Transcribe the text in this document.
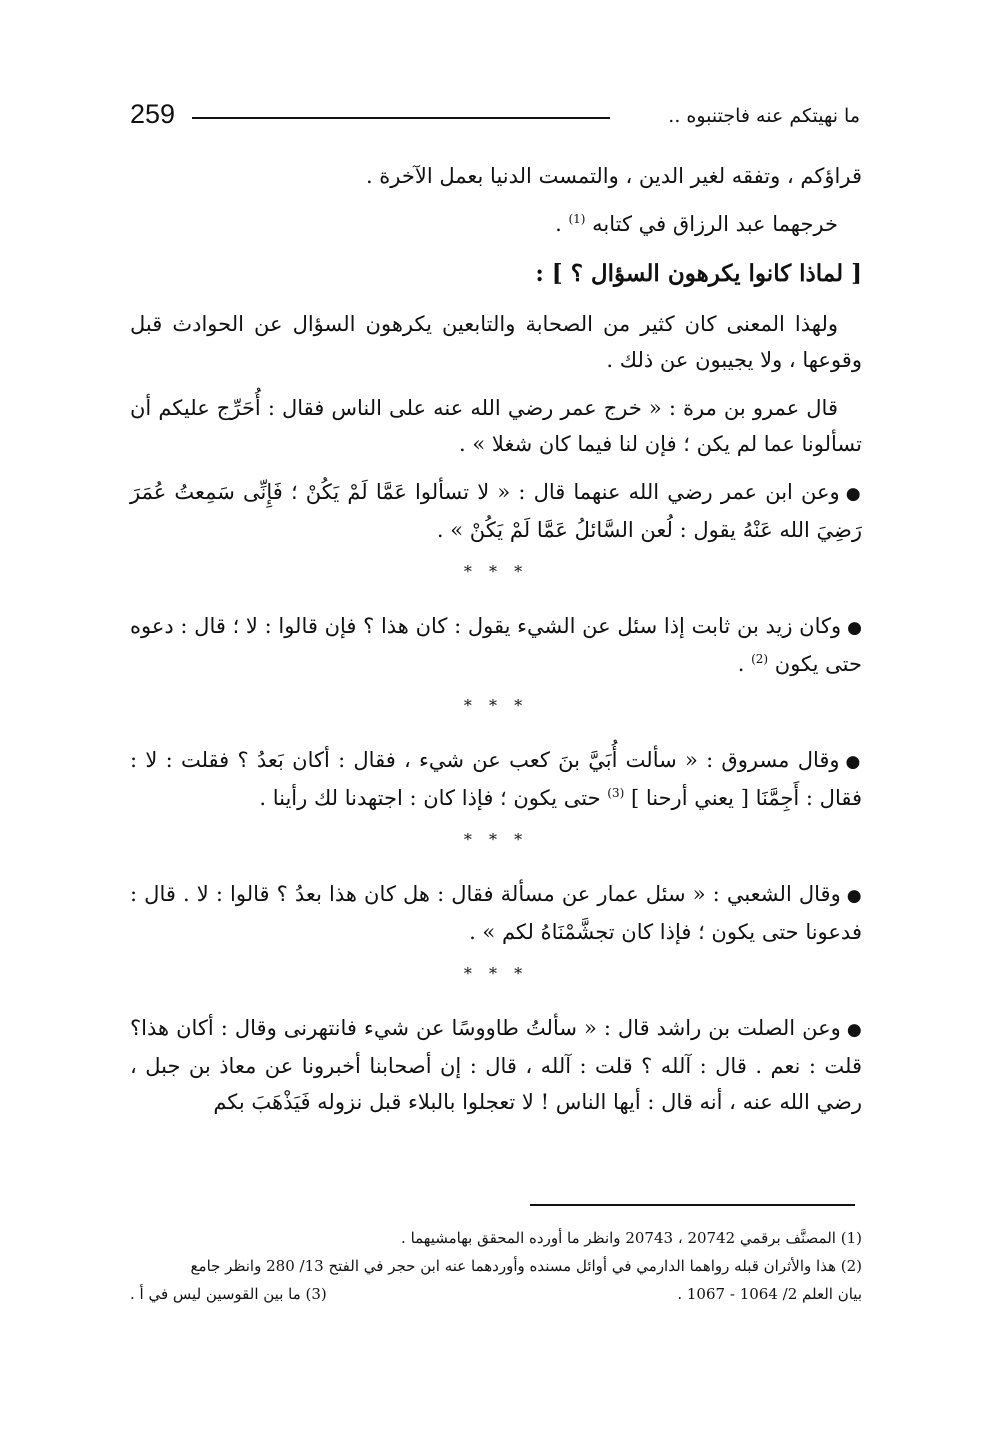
259	ما نهيتكم عنه فاجتنبوه ..

قراؤكم ، وتفقه لغير الدين ، والتمست الدنيا بعمل الآخرة .

خرجهما عبد الرزاق في كتابه $^{(1)}$ .

[ لماذا كانوا يكرهون السؤال ؟ ] :

ولهذا المعنى كان كثير من الصحابة والتابعين يكرهون السؤال عن الحوادث قبل وقوعها ، ولا يجيبون عن ذلك .

قال عمرو بن مرة : « خرج عمر رضي الله عنه على الناس فقال : أُحَرِّج عليكم أن تسألونا عما لم يكن ؛ فإن لنا فيما كان شغلا » .

●وعن ابن عمر رضي الله عنهما قال : « لا تسألوا عَمَّا لَمْ يَكُنْ ؛ فَإِنِّى سَمِعتُ عُمَرَ رَضِيَ الله عَنْهُ يقول : لُعن السَّائلُ عَمَّا لَمْ يَكُنْ » .

* * *

●وكان زيد بن ثابت إذا سئل عن الشيء يقول : كان هذا ؟ فإن قالوا : لا ؛ قال : دعوه حتى يكون $^{(2)}$ .

* * *

●وقال مسروق : « سألت أُبَيَّ بنَ كعب عن شيء ، فقال : أكان بَعدُ ؟ فقلت : لا : فقال : أَجِمَّنَا [ يعني أرحنا ] $^{(3)}$ حتى يكون ؛ فإذا كان : اجتهدنا لك رأينا .

* * *

●وقال الشعبي : « سئل عمار عن مسألة فقال : هل كان هذا بعدُ ؟ قالوا : لا . قال : فدعونا حتى يكون ؛ فإذا كان تجشَّمْنَاهُ لكم » .

* * *

●وعن الصلت بن راشد قال : « سألتُ طاووسًا عن شيء فانتهرنى وقال : أكان هذا؟ قلت : نعم . قال : آلله ؟ قلت : آلله ، قال : إن أصحابنا أخبرونا عن معاذ بن جبل ، رضي الله عنه ، أنه قال : أيها الناس ! لا تعجلوا بالبلاء قبل نزوله فَيَذْهَبَ بكم

(1) المصنَّف برقمي 20742 ، 20743 وانظر ما أورده المحقق بهامشيهما .
(2) هذا والأثران قبله رواهما الدارمي في أوائل مسنده وأوردهما عنه ابن حجر في الفتح 13/ 280 وانظر جامع
بيان العلم 2/ 1064 - 1067 .
(3) ما بين القوسين ليس في أ .
